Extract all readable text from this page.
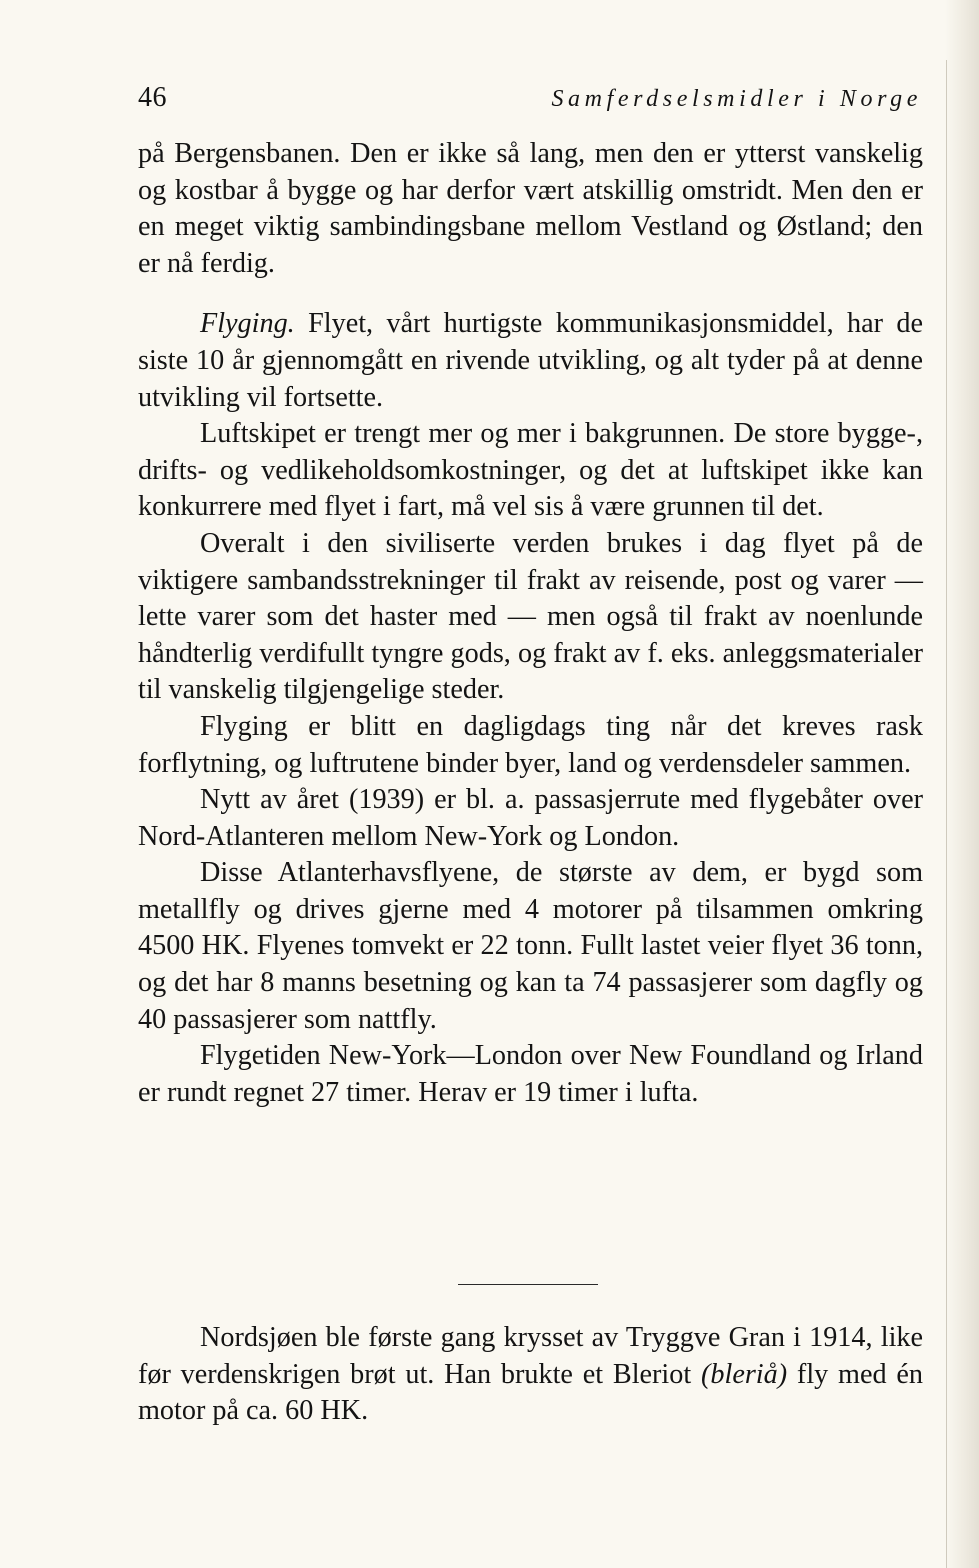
46	Samferdselsmidler i Norge

på Bergensbanen. Den er ikke så lang, men den er ytterst vanskelig og kostbar å bygge og har derfor vært atskillig omstridt. Men den er en meget viktig sambindingsbane mellom Vestland og Østland; den er nå ferdig.

Flyging. Flyet, vårt hurtigste kommunikasjonsmiddel, har de siste 10 år gjennomgått en rivende utvikling, og alt tyder på at denne utvikling vil fortsette.

Luftskipet er trengt mer og mer i bakgrunnen. De store bygge-, drifts- og vedlikeholdsomkostninger, og det at luftskipet ikke kan konkurrere med flyet i fart, må vel sis å være grunnen til det.

Overalt i den siviliserte verden brukes i dag flyet på de viktigere sambandsstrekninger til frakt av reisende, post og varer — lette varer som det haster med — men også til frakt av noenlunde håndterlig verdifullt tyngre gods, og frakt av f. eks. anleggsmaterialer til vanskelig tilgjengelige steder.

Flyging er blitt en dagligdags ting når det kreves rask forflytning, og luftrutene binder byer, land og verdensdeler sammen.

Nytt av året (1939) er bl. a. passasjerrute med flygebåter over Nord-Atlanteren mellom New-York og London.

Disse Atlanterhavsflyene, de største av dem, er bygd som metallfly og drives gjerne med 4 motorer på tilsammen omkring 4500 HK. Flyenes tomvekt er 22 tonn. Fullt lastet veier flyet 36 tonn, og det har 8 manns besetning og kan ta 74 passasjerer som dagfly og 40 passasjerer som nattfly.

Flygetiden New-York—London over New Foundland og Irland er rundt regnet 27 timer. Herav er 19 timer i lufta.

Nordsjøen ble første gang krysset av Tryggve Gran i 1914, like før verdenskrigen brøt ut. Han brukte et Bleriot (bleriå) fly med én motor på ca. 60 HK.
